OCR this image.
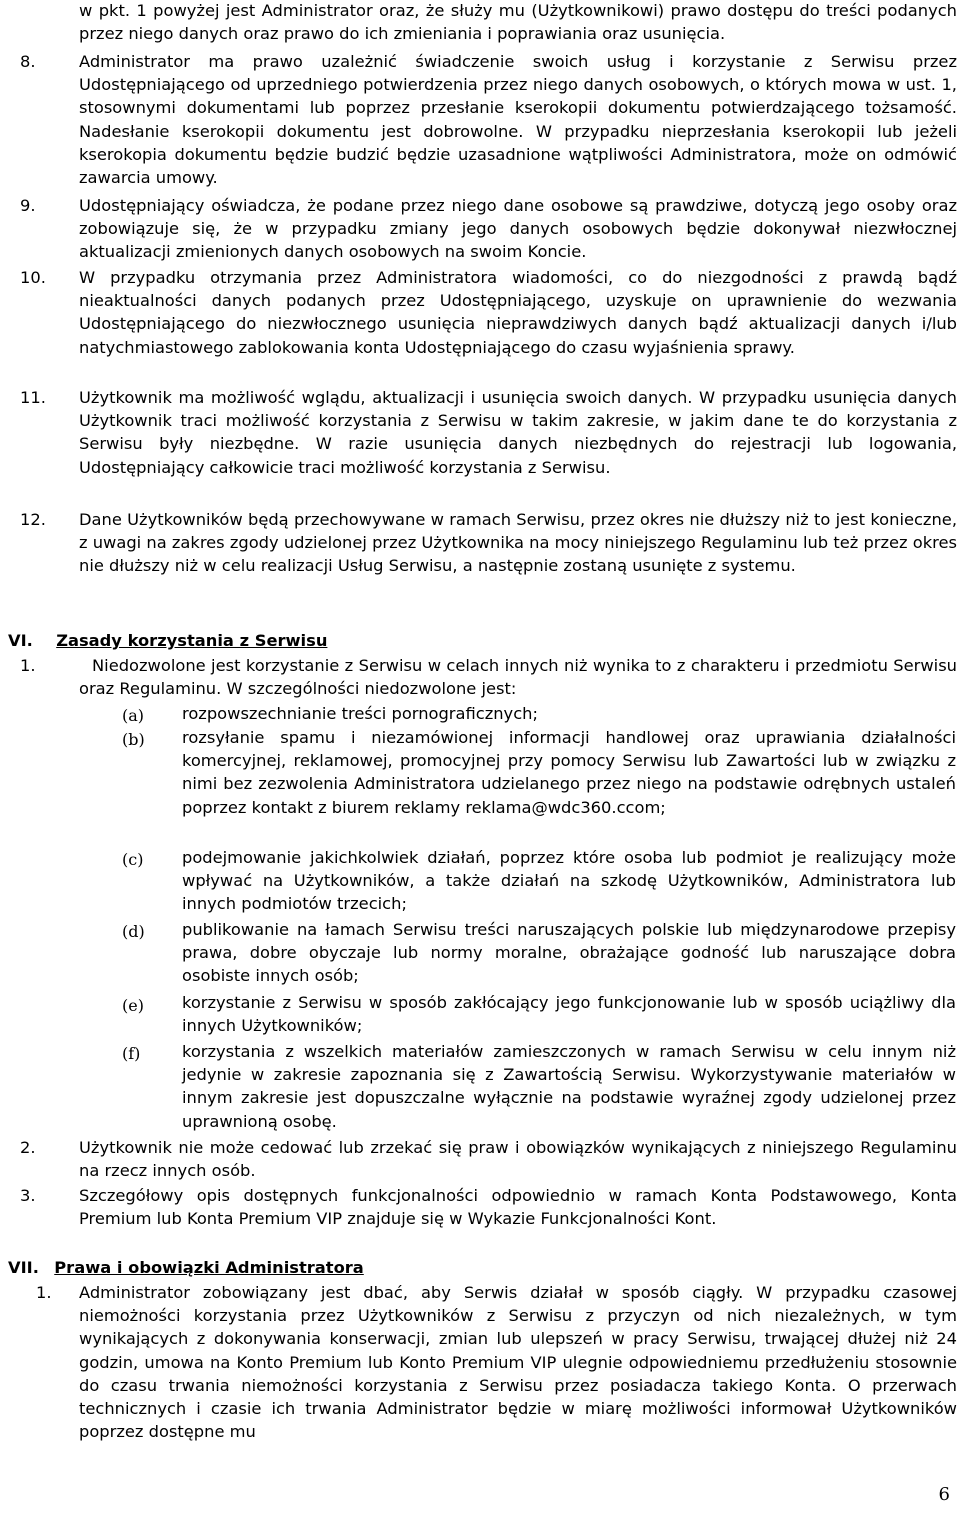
w pkt. 1 powyżej jest Administrator oraz, że służy mu (Użytkownikowi) prawo dostępu do treści podanych przez niego danych oraz prawo do ich zmieniania i poprawiania oraz usunięcia.
8.	Administrator ma prawo uzależnić świadczenie swoich usług i korzystanie z Serwisu przez Udostępniającego od uprzedniego potwierdzenia przez niego danych osobowych, o których mowa w ust. 1, stosownymi dokumentami lub poprzez przesłanie kserokopii dokumentu potwierdzającego tożsamość. Nadesłanie kserokopii dokumentu jest dobrowolne. W przypadku nieprzesłania kserokopii lub jeżeli kserokopia dokumentu będzie budzić będzie uzasadnione wątpliwości Administratora, może on odmówić zawarcia umowy.
9.	Udostępniający oświadcza, że podane przez niego dane osobowe są prawdziwe, dotyczą jego osoby oraz zobowiązuje się, że w przypadku zmiany jego danych osobowych będzie dokonywał niezwłocznej aktualizacji zmienionych danych osobowych na swoim Koncie.
10. W przypadku otrzymania przez Administratora wiadomości, co do niezgodności z prawdą bądź nieaktualności danych podanych przez Udostępniającego, uzyskuje on uprawnienie do wezwania Udostępniającego do niezwłocznego usunięcia nieprawdziwych danych bądź aktualizacji danych i/lub natychmiastowego zablokowania konta Udostępniającego do czasu wyjaśnienia sprawy.
11. Użytkownik ma możliwość wglądu, aktualizacji i usunięcia swoich danych. W przypadku usunięcia danych Użytkownik traci możliwość korzystania z Serwisu w takim zakresie, w jakim dane te do korzystania z Serwisu były niezbędne. W razie usunięcia danych niezbędnych do rejestracji lub logowania, Udostępniający całkowicie traci możliwość korzystania z Serwisu.
12. Dane Użytkowników będą przechowywane w ramach Serwisu, przez okres nie dłuższy niż to jest konieczne, z uwagi na zakres zgody udzielonej przez Użytkownika na mocy niniejszego Regulaminu lub też przez okres nie dłuższy niż w celu realizacji Usług Serwisu, a następnie zostaną usunięte z systemu.
VI. Zasady korzystania z Serwisu
1.	Niedozwolone jest korzystanie z Serwisu w celach innych niż wynika to z charakteru i przedmiotu Serwisu oraz Regulaminu. W szczególności niedozwolone jest:
(a) rozpowszechnianie treści pornograficznych;
(b) rozsyłanie spamu i niezamówionej informacji handlowej oraz uprawiania działalności komercyjnej, reklamowej, promocyjnej przy pomocy Serwisu lub Zawartości lub w związku z nimi bez zezwolenia Administratora udzielanego przez niego na podstawie odrębnych ustaleń poprzez kontakt z biurem reklamy reklama@wdc360.ccom;
(c) podejmowanie jakichkolwiek działań, poprzez które osoba lub podmiot je realizujący może wpływać na Użytkowników, a także działań na szkodę Użytkowników, Administratora lub innych podmiotów trzecich;
(d) publikowanie na łamach Serwisu treści naruszających polskie lub międzynarodowe przepisy prawa, dobre obyczaje lub normy moralne, obrażające godność lub naruszające dobra osobiste innych osób;
(e) korzystanie z Serwisu w sposób zakłócający jego funkcjonowanie lub w sposób uciążliwy dla innych Użytkowników;
(f)	korzystania z wszelkich materiałów zamieszczonych w ramach Serwisu w celu innym niż jedynie w zakresie zapoznania się z Zawartością Serwisu. Wykorzystywanie materiałów w innym zakresie jest dopuszczalne wyłącznie na podstawie wyraźnej zgody udzielonej przez uprawnioną osobę.
2.	Użytkownik nie może cedować lub zrzekać się praw i obowiązków wynikających z niniejszego Regulaminu na rzecz innych osób.
3.	Szczegółowy opis dostępnych funkcjonalności odpowiednio w ramach Konta Podstawowego, Konta Premium lub Konta Premium VIP znajduje się w Wykazie Funkcjonalności Kont.
VII. Prawa i obowiązki Administratora
1. Administrator zobowiązany jest dbać, aby Serwis działał w sposób ciągły. W przypadku czasowej niemożności korzystania przez Użytkowników z Serwisu z przyczyn od nich niezależnych, w tym wynikających z dokonywania konserwacji, zmian lub ulepszeń w pracy Serwisu, trwającej dłużej niż 24 godzin, umowa na Konto Premium lub Konto Premium VIP ulegnie odpowiedniemu przedłużeniu stosownie do czasu trwania niemożności korzystania z Serwisu przez posiadacza takiego Konta. O przerwach technicznych i czasie ich trwania Administrator będzie w miarę możliwości informował Użytkowników poprzez dostępne mu
6
